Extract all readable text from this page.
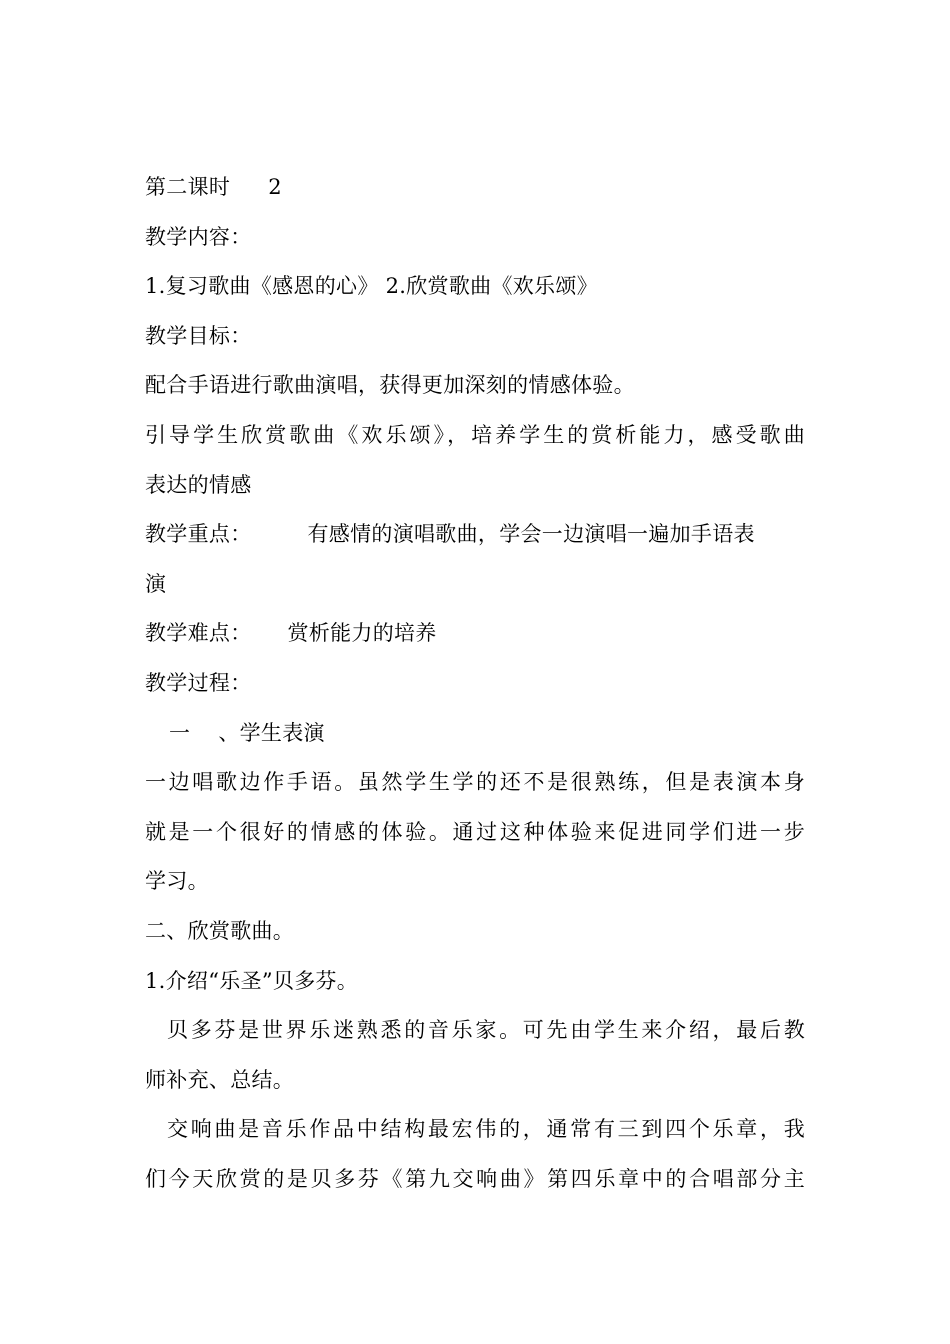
第二课时 2
教学内容：
1.复习歌曲《感恩的心》 2.欣赏歌曲《欢乐颂》
教学目标：
配合手语进行歌曲演唱，获得更加深刻的情感体验。
引导学生欣赏歌曲《欢乐颂》，培养学生的赏析能力，感受歌曲
表达的情感
教学重点：	有感情的演唱歌曲，学会一边演唱一遍加手语表
演
教学难点： 赏析能力的培养
教学过程：
一 、学生表演
一边唱歌边作手语。虽然学生学的还不是很熟练，但是表演本身
就是一个很好的情感的体验。通过这种体验来促进同学们进一步
学习。
二、欣赏歌曲。
1.介绍“乐圣”贝多芬。
贝多芬是世界乐迷熟悉的音乐家。可先由学生来介绍，最后教
师补充、总结。
交响曲是音乐作品中结构最宏伟的，通常有三到四个乐章，我
们今天欣赏的是贝多芬《第九交响曲》第四乐章中的合唱部分主
